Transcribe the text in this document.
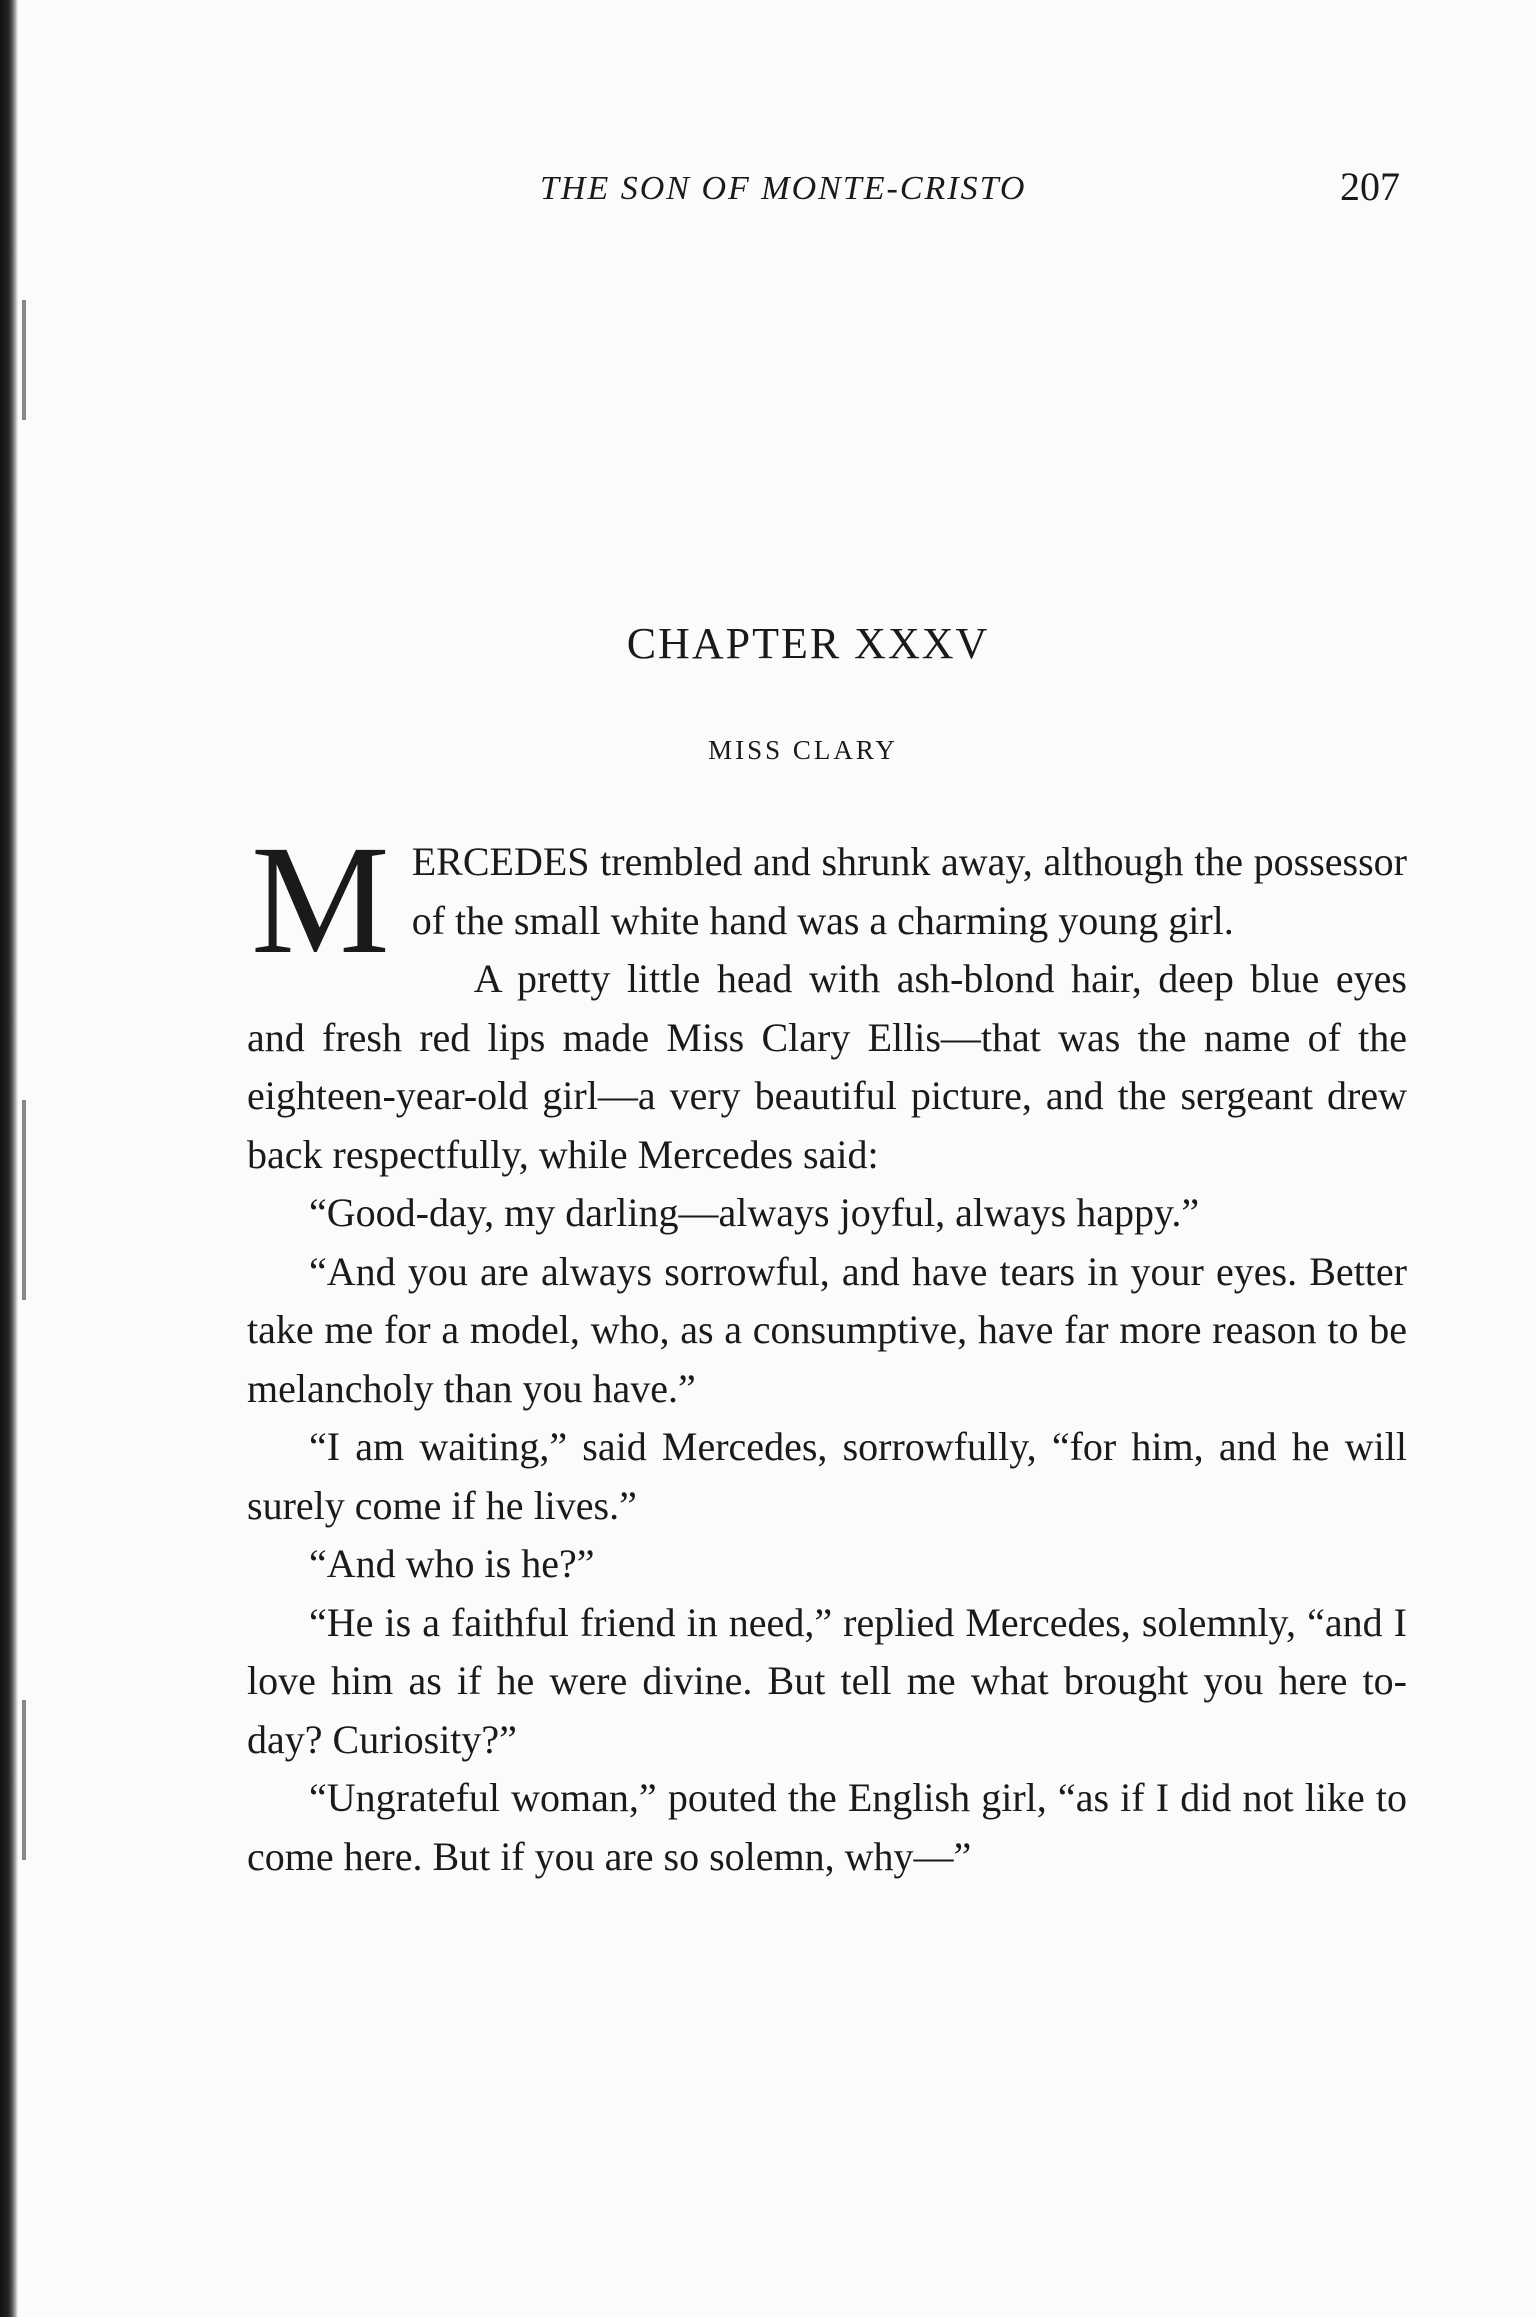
THE SON OF MONTE-CRISTO	207
CHAPTER XXXV
MISS CLARY

MERCEDES trembled and shrunk away, although the possessor of the small white hand was a charming young girl.

A pretty little head with ash-blond hair, deep blue eyes and fresh red lips made Miss Clary Ellis—that was the name of the eighteen-year-old girl—a very beautiful picture, and the sergeant drew back respectfully, while Mercedes said:

“Good-day, my darling—always joyful, always happy.”

“And you are always sorrowful, and have tears in your eyes. Better take me for a model, who, as a consumptive, have far more reason to be melancholy than you have.”

“I am waiting,” said Mercedes, sorrowfully, “for him, and he will surely come if he lives.”

“And who is he?”

“He is a faithful friend in need,” replied Mercedes, solemnly, “and I love him as if he were divine. But tell me what brought you here to-day? Curiosity?”

“Ungrateful woman,” pouted the English girl, “as if I did not like to come here. But if you are so solemn, why—”
